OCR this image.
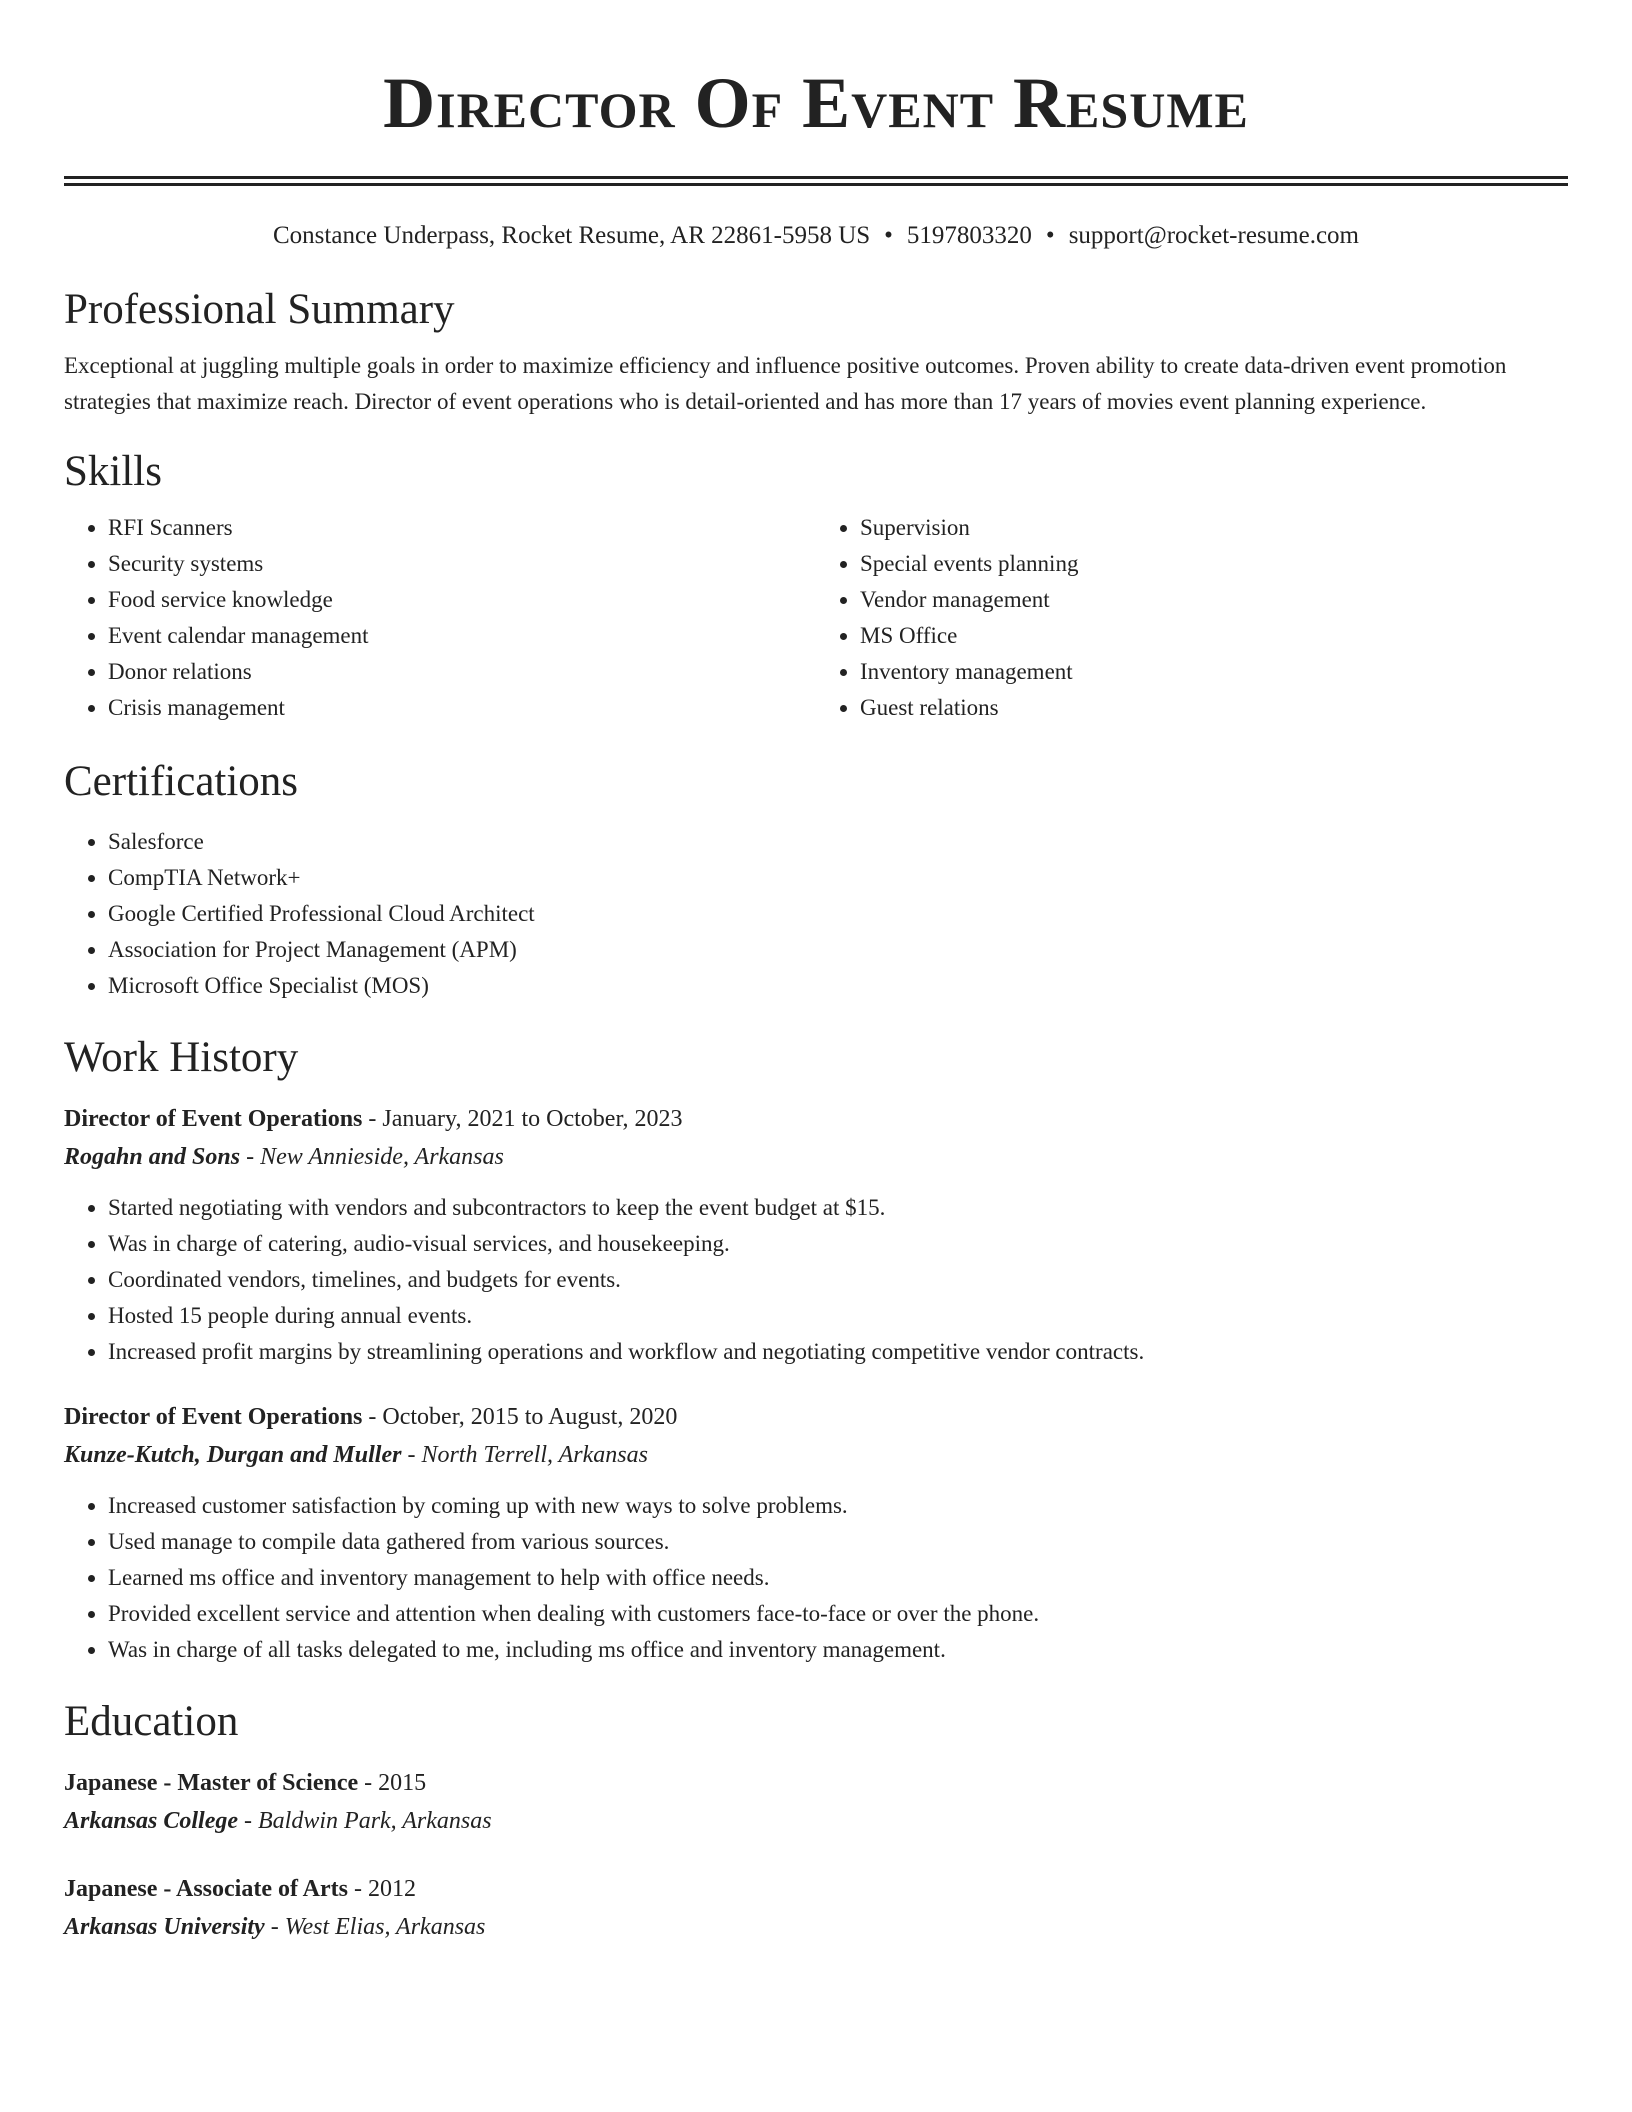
Director Of Event Resume
Constance Underpass, Rocket Resume, AR 22861-5958 US • 5197803320 • support@rocket-resume.com
Professional Summary

Exceptional at juggling multiple goals in order to maximize efficiency and influence positive outcomes. Proven ability to create data-driven event promotion strategies that maximize reach. Director of event operations who is detail-oriented and has more than 17 years of movies event planning experience.

Skills
• RFI Scanners
• Security systems
• Food service knowledge
• Event calendar management
• Donor relations
• Crisis management
• Supervision
• Special events planning
• Vendor management
• MS Office
• Inventory management
• Guest relations
Certifications
• Salesforce
• CompTIA Network+
• Google Certified Professional Cloud Architect
• Association for Project Management (APM)
• Microsoft Office Specialist (MOS)
Work History
Director of Event Operations - January, 2021 to October, 2023
Rogahn and Sons - New Annieside, Arkansas
• Started negotiating with vendors and subcontractors to keep the event budget at $15.
• Was in charge of catering, audio-visual services, and housekeeping.
• Coordinated vendors, timelines, and budgets for events.
• Hosted 15 people during annual events.
• Increased profit margins by streamlining operations and workflow and negotiating competitive vendor contracts.
Director of Event Operations - October, 2015 to August, 2020
Kunze-Kutch, Durgan and Muller - North Terrell, Arkansas
• Increased customer satisfaction by coming up with new ways to solve problems.
• Used manage to compile data gathered from various sources.
• Learned ms office and inventory management to help with office needs.
• Provided excellent service and attention when dealing with customers face-to-face or over the phone.
• Was in charge of all tasks delegated to me, including ms office and inventory management.
Education
Japanese - Master of Science - 2015
Arkansas College - Baldwin Park, Arkansas
Japanese - Associate of Arts - 2012
Arkansas University - West Elias, Arkansas
